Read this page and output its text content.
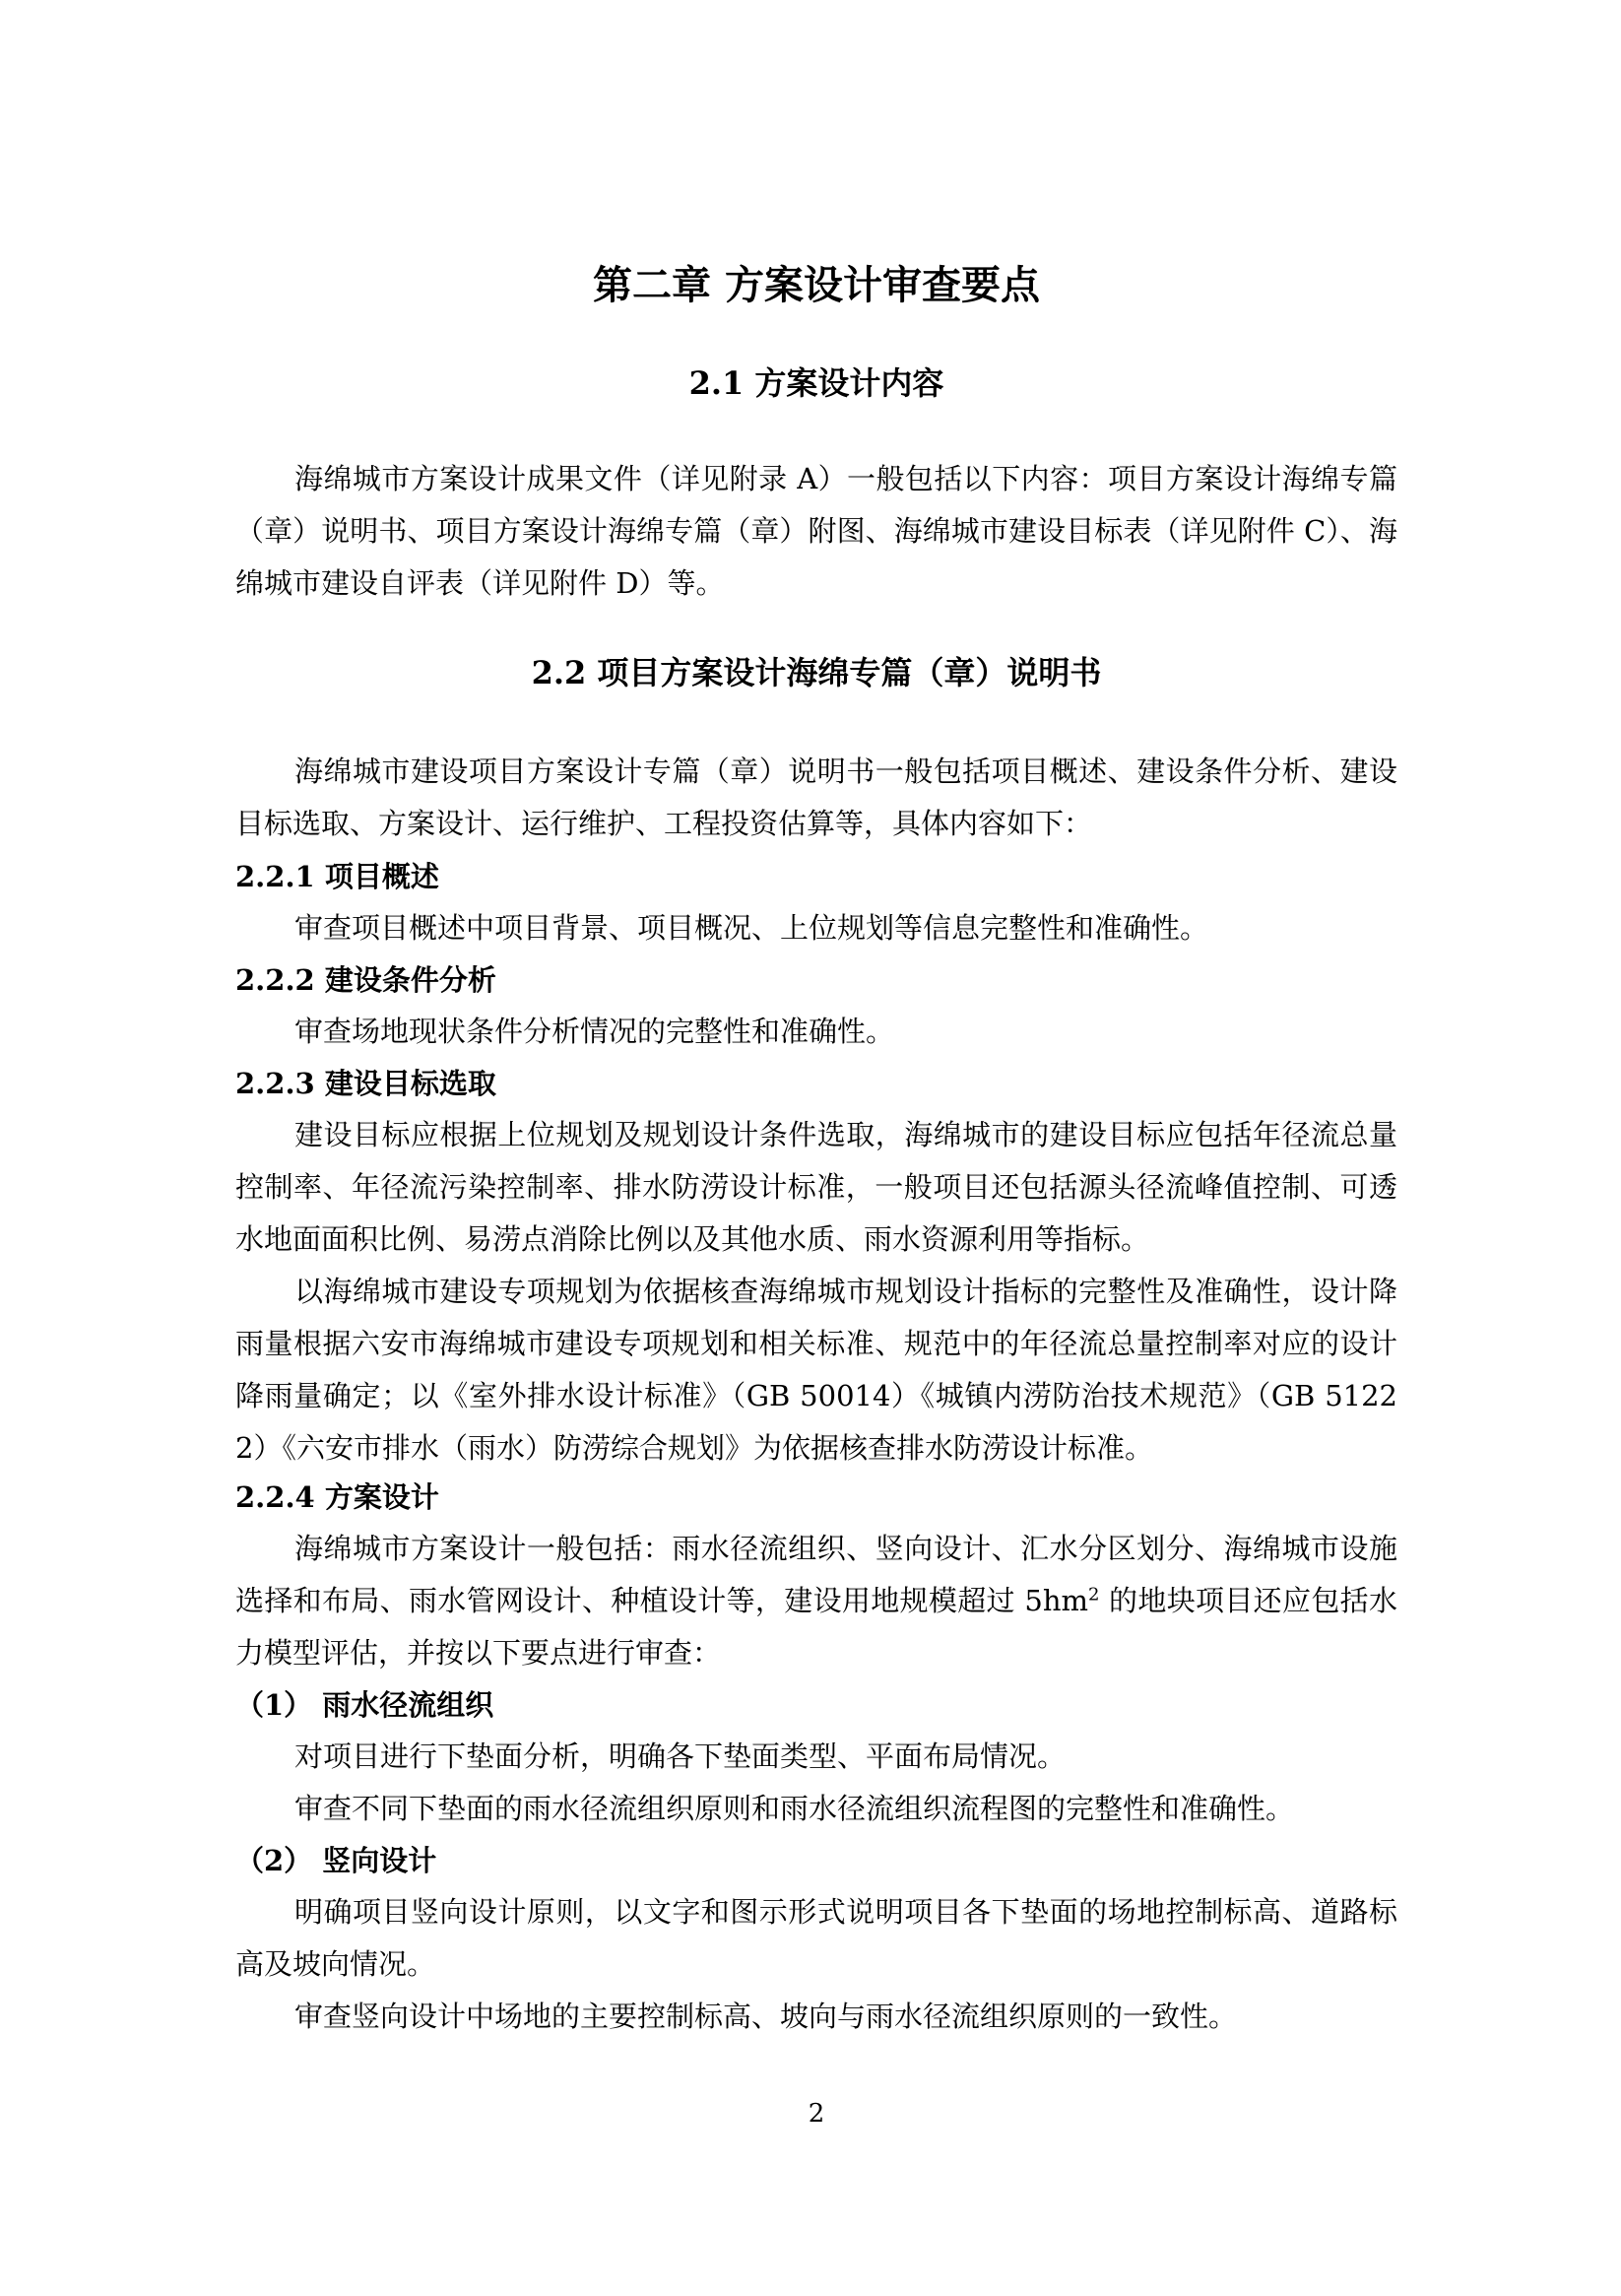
第二章 方案设计审查要点
2.1 方案设计内容

海绵城市方案设计成果文件（详见附录 A）一般包括以下内容：项目方案设计海绵专篇（章）说明书、项目方案设计海绵专篇（章）附图、海绵城市建设目标表（详见附件 C）、海绵城市建设自评表（详见附件 D）等。

2.2 项目方案设计海绵专篇（章）说明书

海绵城市建设项目方案设计专篇（章）说明书一般包括项目概述、建设条件分析、建设目标选取、方案设计、运行维护、工程投资估算等，具体内容如下：

2.2.1 项目概述

审查项目概述中项目背景、项目概况、上位规划等信息完整性和准确性。

2.2.2 建设条件分析

审查场地现状条件分析情况的完整性和准确性。

2.2.3 建设目标选取

建设目标应根据上位规划及规划设计条件选取，海绵城市的建设目标应包括年径流总量控制率、年径流污染控制率、排水防涝设计标准，一般项目还包括源头径流峰值控制、可透水地面面积比例、易涝点消除比例以及其他水质、雨水资源利用等指标。

以海绵城市建设专项规划为依据核查海绵城市规划设计指标的完整性及准确性，设计降雨量根据六安市海绵城市建设专项规划和相关标准、规范中的年径流总量控制率对应的设计降雨量确定；以《室外排水设计标准》（GB 50014）《城镇内涝防治技术规范》（GB 51222）《六安市排水（雨水）防涝综合规划》为依据核查排水防涝设计标准。

2.2.4 方案设计

海绵城市方案设计一般包括：雨水径流组织、竖向设计、汇水分区划分、海绵城市设施选择和布局、雨水管网设计、种植设计等，建设用地规模超过 $5hm^2$ 的地块项目还应包括水力模型评估，并按以下要点进行审查：

（1） 雨水径流组织

对项目进行下垫面分析，明确各下垫面类型、平面布局情况。

审查不同下垫面的雨水径流组织原则和雨水径流组织流程图的完整性和准确性。

（2） 竖向设计

明确项目竖向设计原则，以文字和图示形式说明项目各下垫面的场地控制标高、道路标高及坡向情况。

审查竖向设计中场地的主要控制标高、坡向与雨水径流组织原则的一致性。

2
